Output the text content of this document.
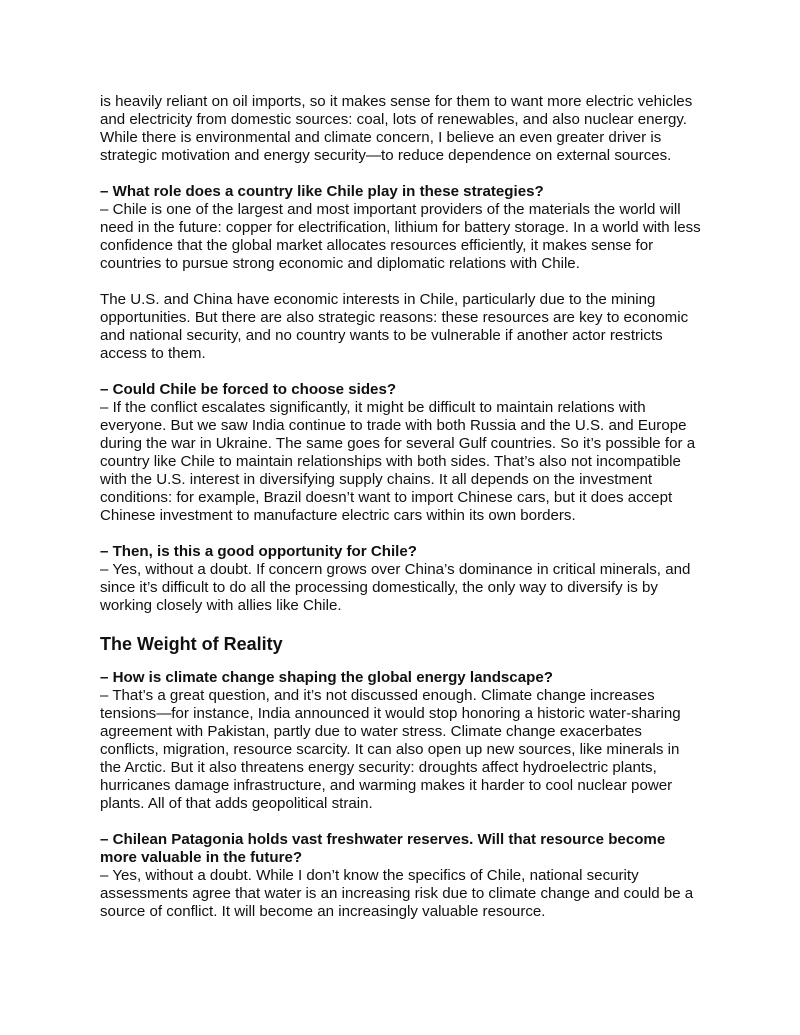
is heavily reliant on oil imports, so it makes sense for them to want more electric vehicles and electricity from domestic sources: coal, lots of renewables, and also nuclear energy. While there is environmental and climate concern, I believe an even greater driver is strategic motivation and energy security—to reduce dependence on external sources.

– What role does a country like Chile play in these strategies?
– Chile is one of the largest and most important providers of the materials the world will need in the future: copper for electrification, lithium for battery storage. In a world with less confidence that the global market allocates resources efficiently, it makes sense for countries to pursue strong economic and diplomatic relations with Chile.

The U.S. and China have economic interests in Chile, particularly due to the mining opportunities. But there are also strategic reasons: these resources are key to economic and national security, and no country wants to be vulnerable if another actor restricts access to them.

– Could Chile be forced to choose sides?
– If the conflict escalates significantly, it might be difficult to maintain relations with everyone. But we saw India continue to trade with both Russia and the U.S. and Europe during the war in Ukraine. The same goes for several Gulf countries. So it’s possible for a country like Chile to maintain relationships with both sides. That’s also not incompatible with the U.S. interest in diversifying supply chains. It all depends on the investment conditions: for example, Brazil doesn’t want to import Chinese cars, but it does accept Chinese investment to manufacture electric cars within its own borders.
– Then, is this a good opportunity for Chile?
– Yes, without a doubt. If concern grows over China’s dominance in critical minerals, and since it’s difficult to do all the processing domestically, the only way to diversify is by working closely with allies like Chile.
The Weight of Reality
– How is climate change shaping the global energy landscape?
– That’s a great question, and it’s not discussed enough. Climate change increases tensions—for instance, India announced it would stop honoring a historic water-sharing agreement with Pakistan, partly due to water stress. Climate change exacerbates conflicts, migration, resource scarcity. It can also open up new sources, like minerals in the Arctic. But it also threatens energy security: droughts affect hydroelectric plants, hurricanes damage infrastructure, and warming makes it harder to cool nuclear power plants. All of that adds geopolitical strain.
– Chilean Patagonia holds vast freshwater reserves. Will that resource become more valuable in the future?
– Yes, without a doubt. While I don’t know the specifics of Chile, national security assessments agree that water is an increasing risk due to climate change and could be a source of conflict. It will become an increasingly valuable resource.
